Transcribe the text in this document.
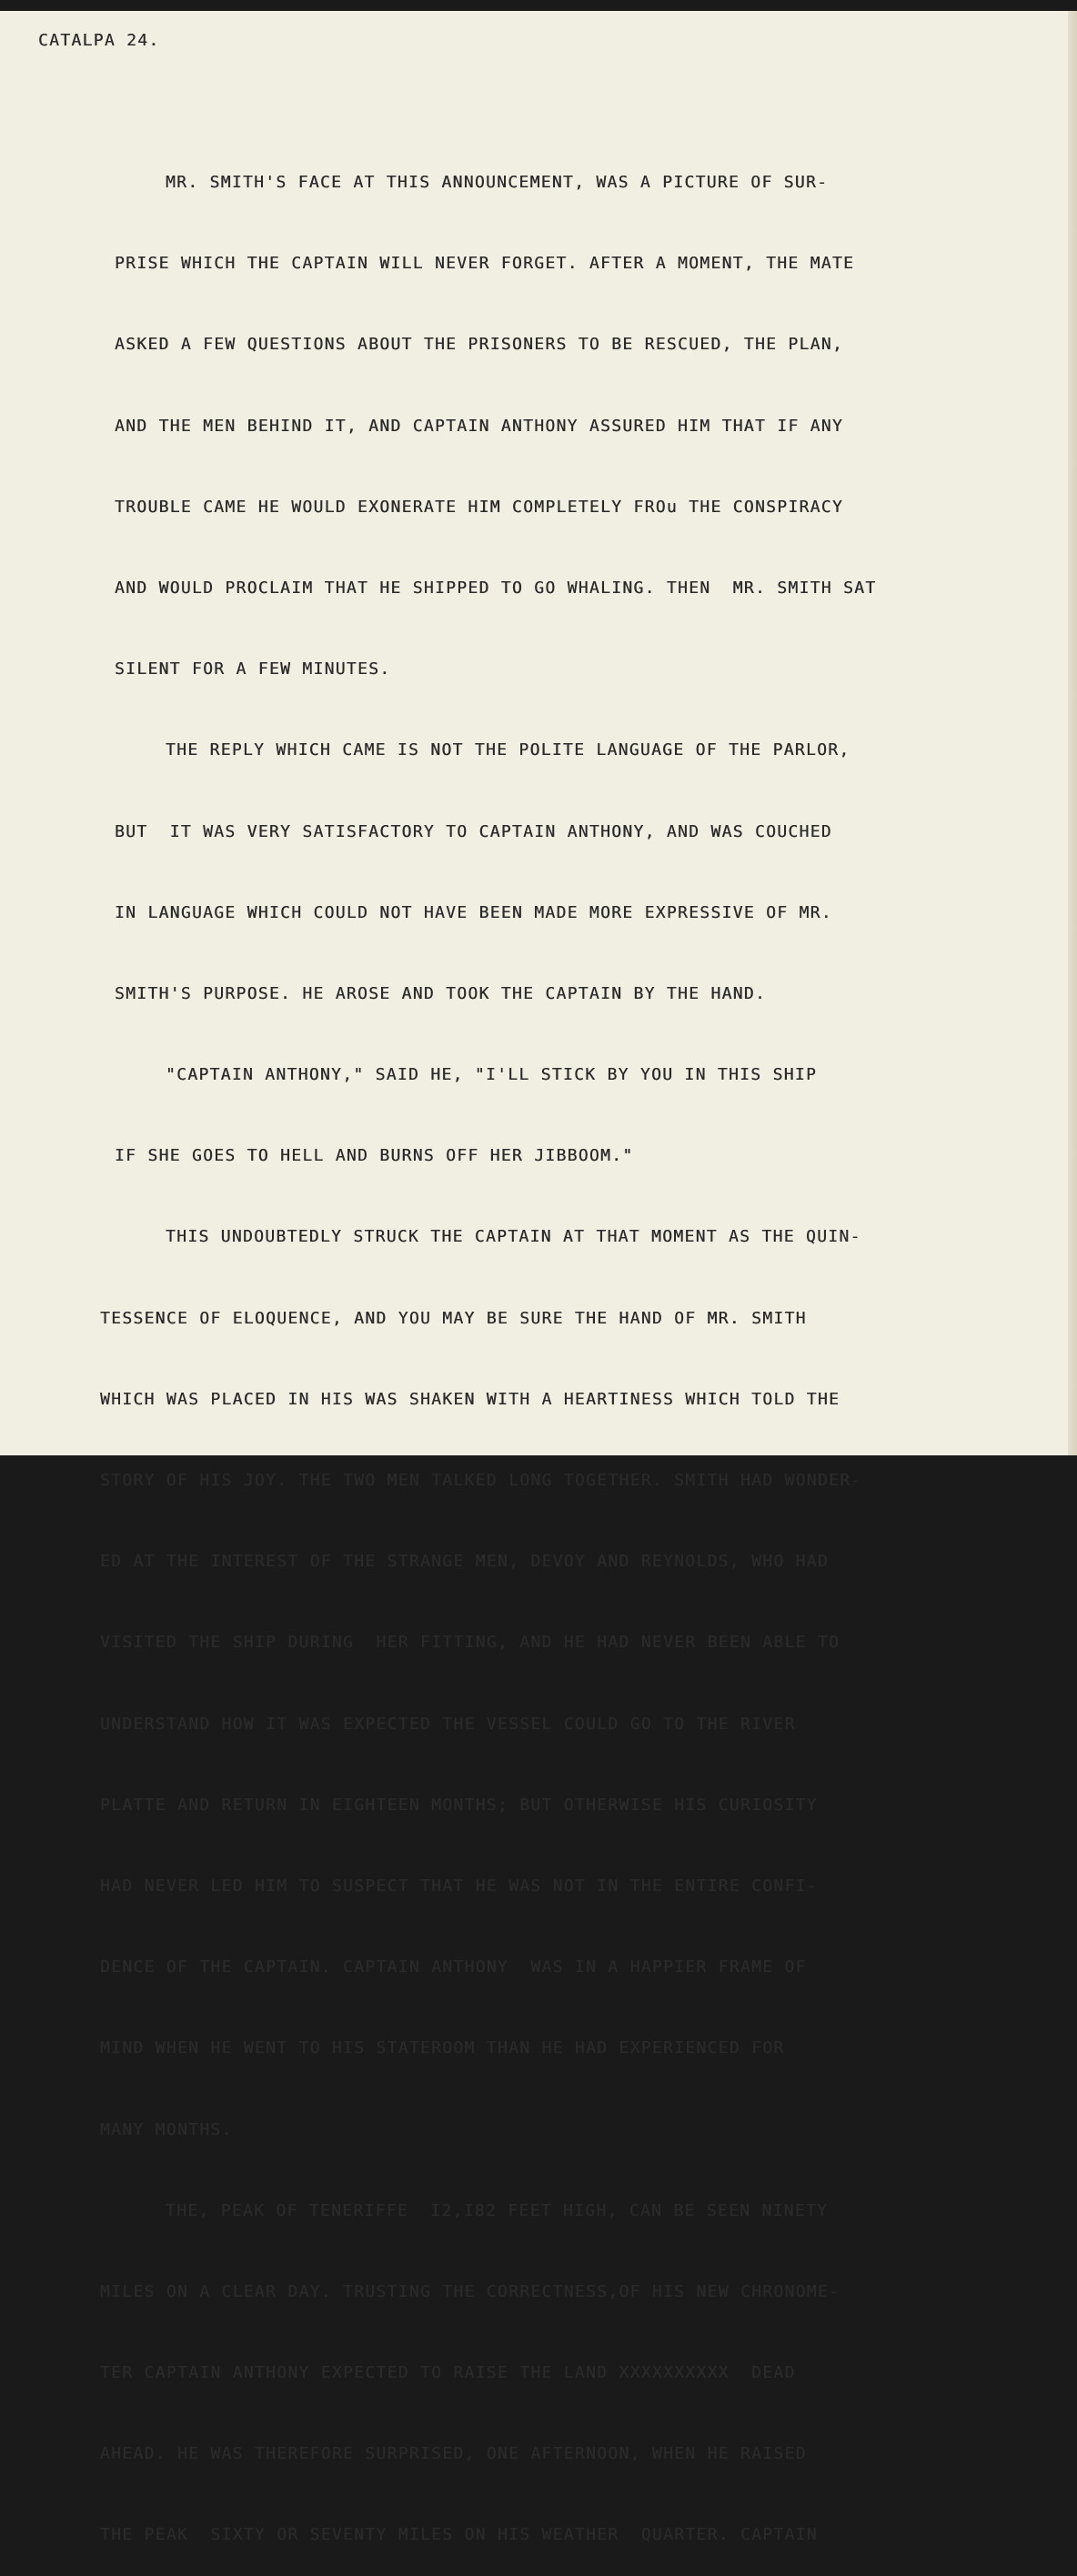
CATALPA 24.

MR. SMITH'S FACE AT THIS ANNOUNCEMENT, WAS A PICTURE OF SUR-

PRISE WHICH THE CAPTAIN WILL NEVER FORGET. AFTER A MOMENT, THE MATE

ASKED A FEW QUESTIONS ABOUT THE PRISONERS TO BE RESCUED, THE PLAN,

AND THE MEN BEHIND IT, AND CAPTAIN ANTHONY ASSURED HIM THAT IF ANY

TROUBLE CAME HE WOULD EXONERATE HIM COMPLETELY FROu THE CONSPIRACY

AND WOULD PROCLAIM THAT HE SHIPPED TO GO WHALING. THEN  MR. SMITH SAT

SILENT FOR A FEW MINUTES.

THE REPLY WHICH CAME IS NOT THE POLITE LANGUAGE OF THE PARLOR,

BUT  IT WAS VERY SATISFACTORY TO CAPTAIN ANTHONY, AND WAS COUCHED

IN LANGUAGE WHICH COULD NOT HAVE BEEN MADE MORE EXPRESSIVE OF MR.

SMITH'S PURPOSE. HE AROSE AND TOOK THE CAPTAIN BY THE HAND.

"CAPTAIN ANTHONY," SAID HE, "I'LL STICK BY YOU IN THIS SHIP

IF SHE GOES TO HELL AND BURNS OFF HER JIBBOOM."

THIS UNDOUBTEDLY STRUCK THE CAPTAIN AT THAT MOMENT AS THE QUIN-

TESSENCE OF ELOQUENCE, AND YOU MAY BE SURE THE HAND OF MR. SMITH

WHICH WAS PLACED IN HIS WAS SHAKEN WITH A HEARTINESS WHICH TOLD THE

STORY OF HIS JOY. THE TWO MEN TALKED LONG TOGETHER. SMITH HAD WONDER-

ED AT THE INTEREST OF THE STRANGE MEN, DEVOY AND REYNOLDS, WHO HAD

VISITED THE SHIP DURING  HER FITTING, AND HE HAD NEVER BEEN ABLE TO

UNDERSTAND HOW IT WAS EXPECTED THE VESSEL COULD GO TO THE RIVER

PLATTE AND RETURN IN EIGHTEEN MONTHS; BUT OTHERWISE HIS CURIOSITY

HAD NEVER LED HIM TO SUSPECT THAT HE WAS NOT IN THE ENTIRE CONFI-

DENCE OF THE CAPTAIN. CAPTAIN ANTHONY  WAS IN A HAPPIER FRAME OF

MIND WHEN HE WENT TO HIS STATEROOM THAN HE HAD EXPERIENCED FOR

MANY MONTHS.

THE, PEAK OF TENERIFFE  I2,I82 FEET HIGH, CAN BE SEEN NINETY

MILES ON A CLEAR DAY. TRUSTING THE CORRECTNESS,OF HIS NEW CHRONOME-

TER CAPTAIN ANTHONY EXPECTED TO RAISE THE LAND XXXXXXXXXX  DEAD

AHEAD. HE WAS THEREFORE SURPRISED, ONE AFTERNOON, WHEN HE RAISED

THE PEAK  SIXTY OR SEVENTY MILES ON HIS WEATHER  QUARTER. CAPTAIN
